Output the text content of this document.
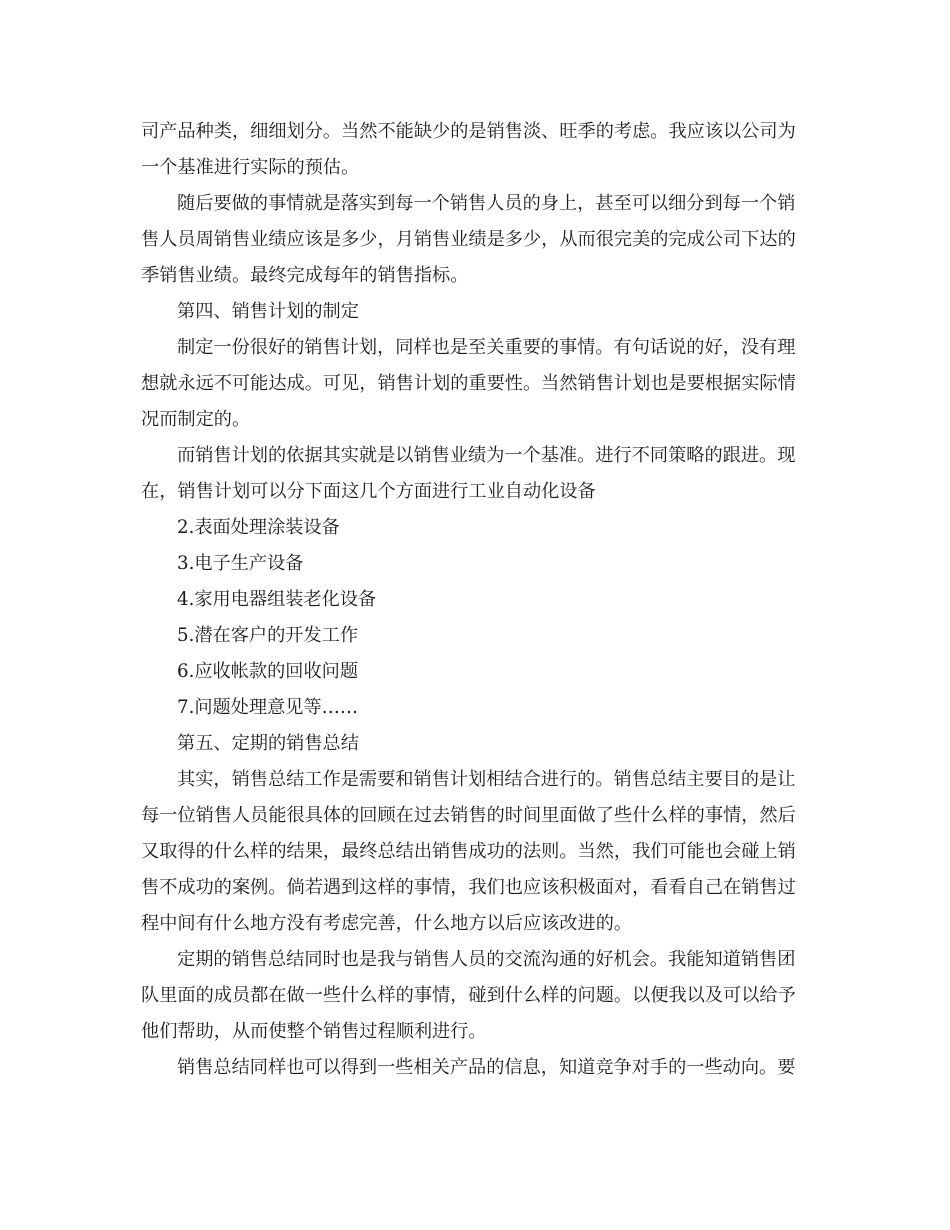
司产品种类，细细划分。当然不能缺少的是销售淡、旺季的考虑。我应该以公司为
一个基准进行实际的预估。
随后要做的事情就是落实到每一个销售人员的身上，甚至可以细分到每一个销
售人员周销售业绩应该是多少，月销售业绩是多少，从而很完美的完成公司下达的
季销售业绩。最终完成每年的销售指标。
第四、销售计划的制定
制定一份很好的销售计划，同样也是至关重要的事情。有句话说的好，没有理
想就永远不可能达成。可见，销售计划的重要性。当然销售计划也是要根据实际情
况而制定的。
而销售计划的依据其实就是以销售业绩为一个基准。进行不同策略的跟进。现
在，销售计划可以分下面这几个方面进行工业自动化设备
2.表面处理涂装设备
3.电子生产设备
4.家用电器组装老化设备
5.潜在客户的开发工作
6.应收帐款的回收问题
7.问题处理意见等……
第五、定期的销售总结
其实，销售总结工作是需要和销售计划相结合进行的。销售总结主要目的是让
每一位销售人员能很具体的回顾在过去销售的时间里面做了些什么样的事情，然后
又取得的什么样的结果，最终总结出销售成功的法则。当然，我们可能也会碰上销
售不成功的案例。倘若遇到这样的事情，我们也应该积极面对，看看自己在销售过
程中间有什么地方没有考虑完善，什么地方以后应该改进的。
定期的销售总结同时也是我与销售人员的交流沟通的好机会。我能知道销售团
队里面的成员都在做一些什么样的事情，碰到什么样的问题。以便我以及可以给予
他们帮助，从而使整个销售过程顺利进行。
销售总结同样也可以得到一些相关产品的信息，知道竞争对手的一些动向。要
